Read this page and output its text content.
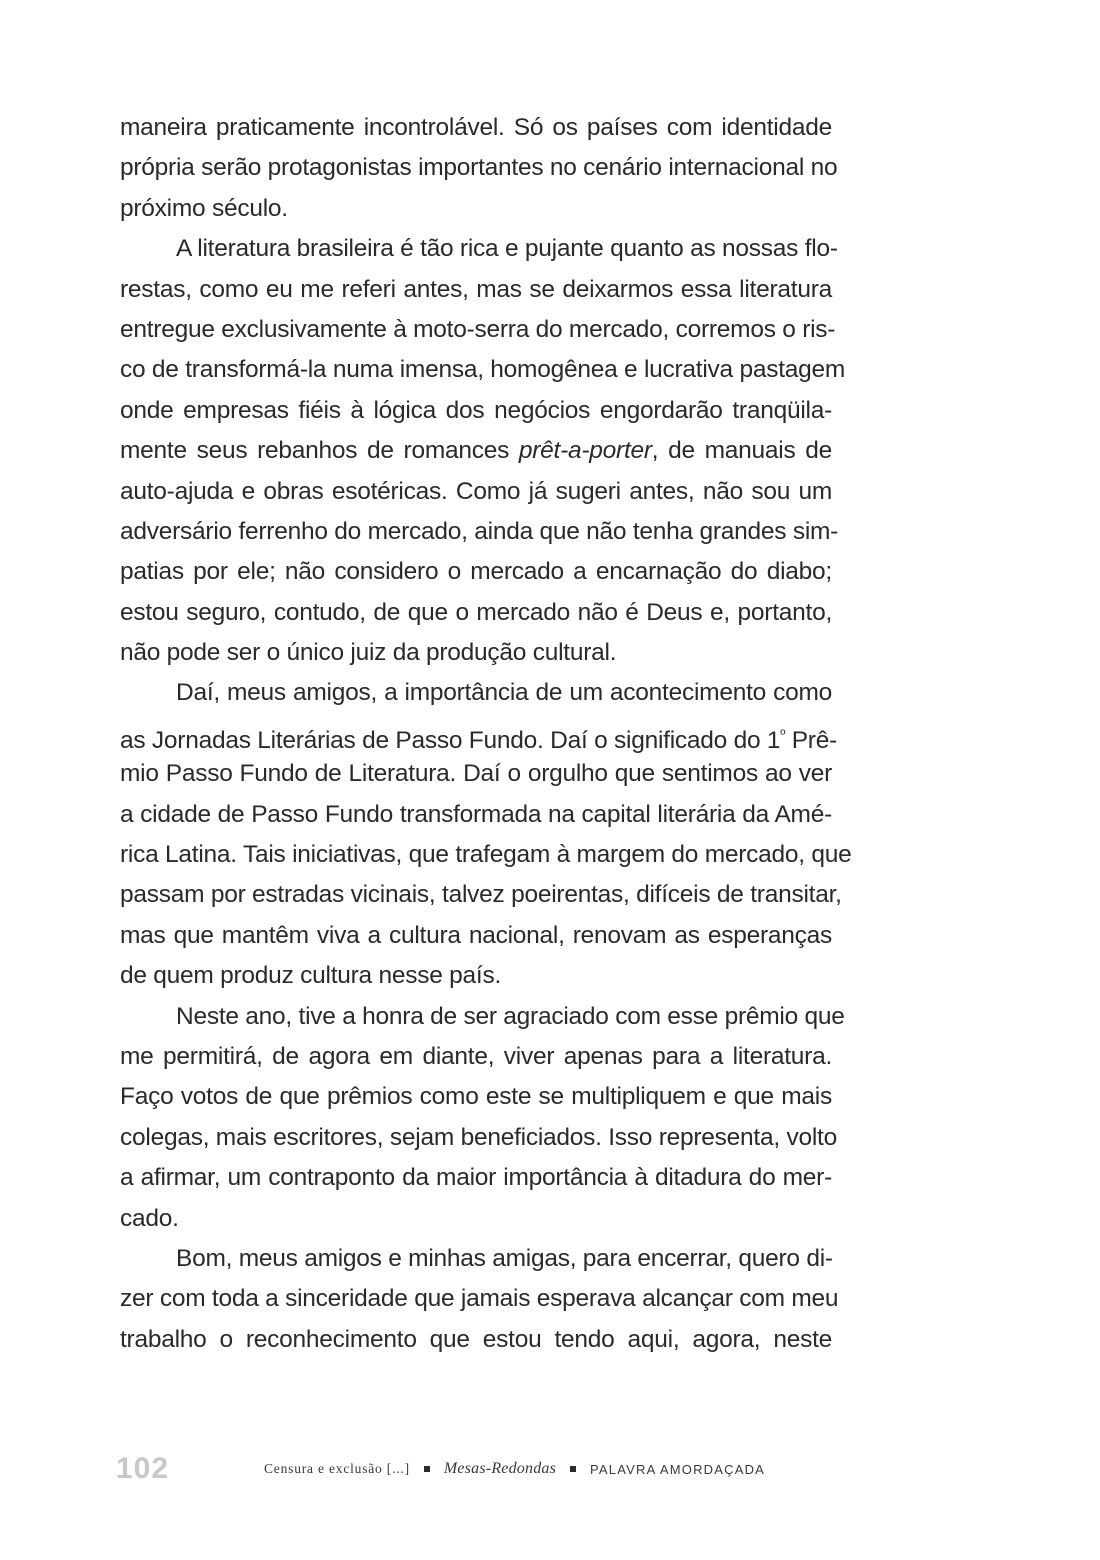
maneira praticamente incontrolável. Só os países com identidade
própria serão protagonistas importantes no cenário internacional no
próximo século.
A literatura brasileira é tão rica e pujante quanto as nossas flo-
restas, como eu me referi antes, mas se deixarmos essa literatura
entregue exclusivamente à moto-serra do mercado, corremos o ris-
co de transformá-la numa imensa, homogênea e lucrativa pastagem
onde empresas fiéis à lógica dos negócios engordarão tranqüila-
mente seus rebanhos de romances prêt-a-porter, de manuais de
auto-ajuda e obras esotéricas. Como já sugeri antes, não sou um
adversário ferrenho do mercado, ainda que não tenha grandes sim-
patias por ele; não considero o mercado a encarnação do diabo;
estou seguro, contudo, de que o mercado não é Deus e, portanto,
não pode ser o único juiz da produção cultural.
Daí, meus amigos, a importância de um acontecimento como
as Jornadas Literárias de Passo Fundo. Daí o significado do $1^º$ Prê-
mio Passo Fundo de Literatura. Daí o orgulho que sentimos ao ver
a cidade de Passo Fundo transformada na capital literária da Amé-
rica Latina. Tais iniciativas, que trafegam à margem do mercado, que
passam por estradas vicinais, talvez poeirentas, difíceis de transitar,
mas que mantêm viva a cultura nacional, renovam as esperanças
de quem produz cultura nesse país.
Neste ano, tive a honra de ser agraciado com esse prêmio que
me permitirá, de agora em diante, viver apenas para a literatura.
Faço votos de que prêmios como este se multipliquem e que mais
colegas, mais escritores, sejam beneficiados. Isso representa, volto
a afirmar, um contraponto da maior importância à ditadura do mer-
cado.
Bom, meus amigos e minhas amigas, para encerrar, quero di-
zer com toda a sinceridade que jamais esperava alcançar com meu
trabalho o reconhecimento que estou tendo aqui, agora, neste
102	Censura e exclusão [...] Mesas-Redondas	PALAVRA AMORDAÇADA
